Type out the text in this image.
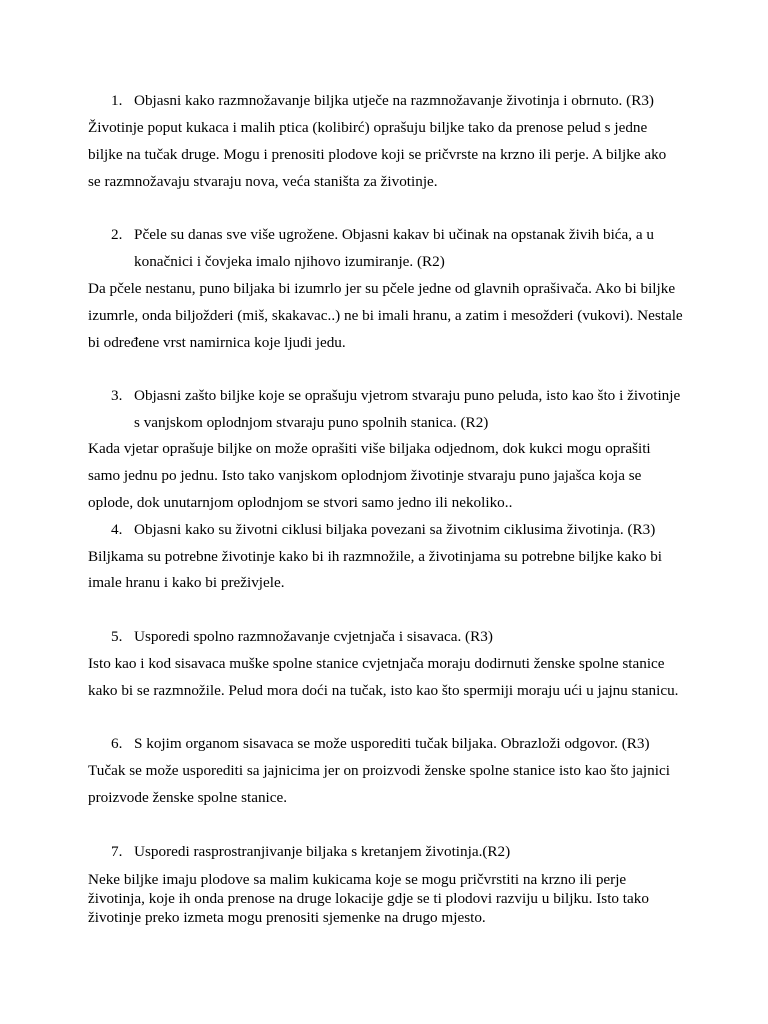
1. Objasni kako razmnožavanje biljka utječe na razmnožavanje životinja i obrnuto. (R3)
Životinje poput kukaca i malih ptica (kolibirć) oprašuju biljke tako da prenose pelud s jedne
biljke na tučak druge. Mogu i prenositi plodove koji se pričvrste na krzno ili perje. A biljke ako
se razmnožavaju stvaraju nova, veća staništa za životinje.
2. Pčele su danas sve više ugrožene. Objasni kakav bi učinak na opstanak živih bića, a u
konačnici i čovjeka imalo njihovo izumiranje. (R2)
Da pčele nestanu, puno biljaka bi izumrlo jer su pčele jedne od glavnih oprašivača. Ako bi biljke
izumrle, onda biljožderi (miš, skakavac..) ne bi imali hranu, a zatim i mesožderi (vukovi). Nestale
bi određene vrst namirnica koje ljudi jedu.
3. Objasni zašto biljke koje se oprašuju vjetrom stvaraju puno peluda, isto kao što i životinje
s vanjskom oplodnjom stvaraju puno spolnih stanica. (R2)
Kada vjetar oprašuje biljke on može oprašiti više biljaka odjednom, dok kukci mogu oprašiti
samo jednu po jednu. Isto tako vanjskom oplodnjom životinje stvaraju puno jajašca koja se
oplode, dok unutarnjom oplodnjom se stvori samo jedno ili nekoliko..
4. Objasni kako su životni ciklusi biljaka povezani sa životnim ciklusima životinja. (R3)
Biljkama su potrebne životinje kako bi ih razmnožile, a životinjama su potrebne biljke kako bi
imale hranu i kako bi preživjele.
5. Usporedi spolno razmnožavanje cvjetnjača i sisavaca. (R3)
Isto kao i kod sisavaca muške spolne stanice cvjetnjača moraju dodirnuti ženske spolne stanice
kako bi se razmnožile. Pelud mora doći na tučak, isto kao što spermiji moraju ući u jajnu stanicu.
6. S kojim organom sisavaca se može usporediti tučak biljaka. Obrazloži odgovor. (R3)
Tučak se može usporediti sa jajnicima jer on proizvodi ženske spolne stanice isto kao što jajnici
proizvode ženske spolne stanice.
7. Usporedi rasprostranjivanje biljaka s kretanjem životinja.(R2)
Neke biljke imaju plodove sa malim kukicama koje se mogu pričvrstiti na krzno ili perje
životinja, koje ih onda prenose na druge lokacije gdje se ti plodovi razviju u biljku. Isto tako
životinje preko izmeta mogu prenositi sjemenke na drugo mjesto.
